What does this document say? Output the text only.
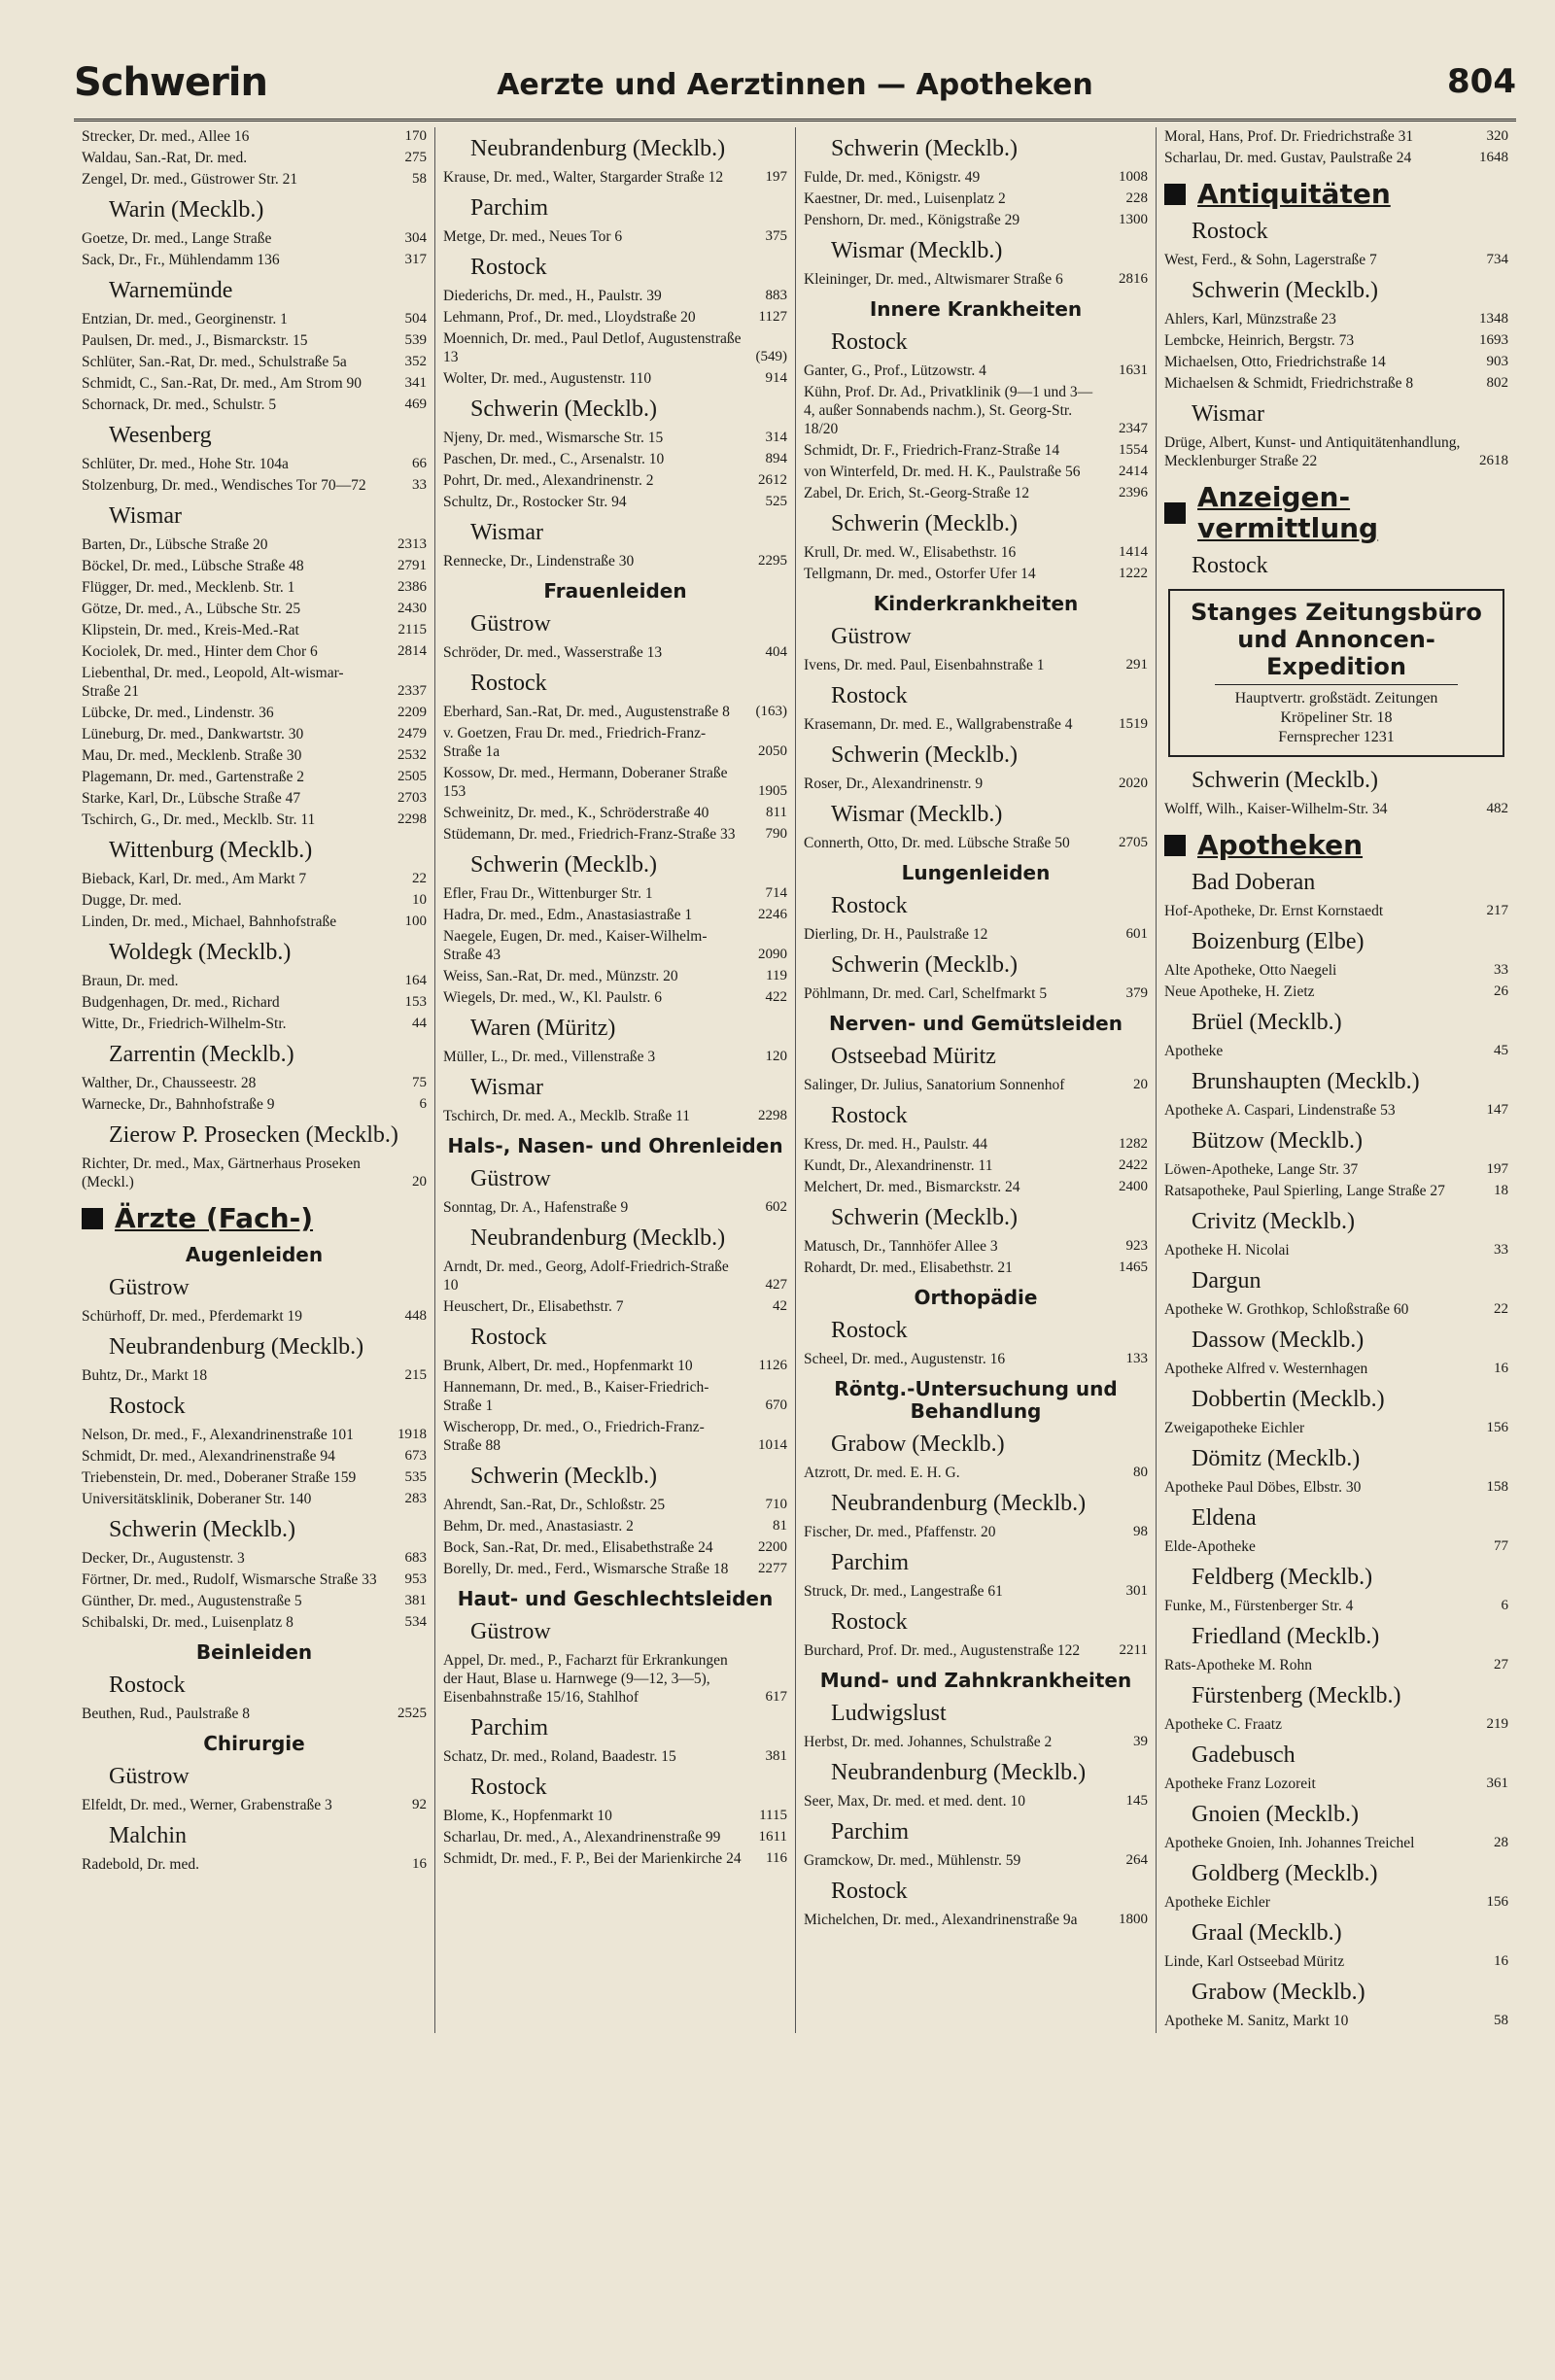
Schwerin	Aerzte und Aerztinnen — Apotheken	804
Strecker, Dr. med., Allee 16	170
Waldau, San.-Rat, Dr. med.	275
Zengel, Dr. med., Güstrower Str. 21	58
Warin (Mecklb.)
Goetze, Dr. med., Lange Straße	304
Sack, Dr., Fr., Mühlendamm 136	317
Warnemünde
Entzian, Dr. med., Georginenstr. 1	504
Paulsen, Dr. med., J., Bismarckstr. 15	539
Schlüter, San.-Rat, Dr. med., Schulstraße 5a	352
Schmidt, C., San.-Rat, Dr. med., Am Strom 90	341
Schornack, Dr. med., Schulstr. 5	469
Wesenberg
Schlüter, Dr. med., Hohe Str. 104a	66
Stolzenburg, Dr. med., Wendisches Tor 70—72	33
Wismar
Barten, Dr., Lübsche Straße 20	2313
Böckel, Dr. med., Lübsche Straße 48	2791
Flügger, Dr. med., Mecklenb. Str. 1	2386
Götze, Dr. med., A., Lübsche Str. 25	2430
Klipstein, Dr. med., Kreis-Med.-Rat	2115
Kociolek, Dr. med., Hinter dem Chor 6	2814
Liebenthal, Dr. med., Leopold, Alt-wismar-Straße 21	2337
Lübcke, Dr. med., Lindenstr. 36	2209
Lüneburg, Dr. med., Dankwartstr. 30	2479
Mau, Dr. med., Mecklenb. Straße 30	2532
Plagemann, Dr. med., Gartenstraße 2	2505
Starke, Karl, Dr., Lübsche Straße 47	2703
Tschirch, G., Dr. med., Mecklb. Str. 11	2298
Wittenburg (Mecklb.)
Bieback, Karl, Dr. med., Am Markt 7	22
Dugge, Dr. med.	10
Linden, Dr. med., Michael, Bahnhofstraße	100
Woldegk (Mecklb.)
Braun, Dr. med.	164
Budgenhagen, Dr. med., Richard	153
Witte, Dr., Friedrich-Wilhelm-Str.	44
Zarrentin (Mecklb.)
Walther, Dr., Chausseestr. 28	75
Warnecke, Dr., Bahnhofstraße 9	6
Zierow P. Prosecken (Mecklb.)
Richter, Dr. med., Max, Gärtnerhaus Proseken (Meckl.)	20
Ärzte (Fach-)
Augenleiden
Güstrow
Schürhoff, Dr. med., Pferdemarkt 19	448
Neubrandenburg (Mecklb.)
Buhtz, Dr., Markt 18	215
Rostock
Nelson, Dr. med., F., Alexandrinenstraße 101	1918
Schmidt, Dr. med., Alexandrinenstraße 94	673
Triebenstein, Dr. med., Doberaner Straße 159	535
Universitätsklinik, Doberaner Str. 140	283
Schwerin (Mecklb.)
Decker, Dr., Augustenstr. 3	683
Förtner, Dr. med., Rudolf, Wismarsche Straße 33 953
Günther, Dr. med., Augustenstraße 5	381
Schibalski, Dr. med., Luisenplatz 8	534
Beinleiden
Rostock
Beuthen, Rud., Paulstraße 8	2525
Chirurgie
Güstrow
Elfeldt, Dr. med., Werner, Grabenstraße 3	92
Malchin
Radebold, Dr. med.	16
Neubrandenburg (Mecklb.)
Krause, Dr. med., Walter, Stargarder Straße 12	197
Parchim
Metge, Dr. med., Neues Tor 6	375
Rostock
Diederichs, Dr. med., H., Paulstr. 39	883
Lehmann, Prof., Dr. med., Lloydstraße 20	1127
Moennich, Dr. med., Paul Detlof, Augustenstraße 13	(549)
Wolter, Dr. med., Augustenstr. 110	914
Schwerin (Mecklb.)
Njeny, Dr. med., Wismarsche Str. 15	314
Paschen, Dr. med., C., Arsenalstr. 10	894
Pohrt, Dr. med., Alexandrinenstr. 2	2612
Schultz, Dr., Rostocker Str. 94	525
Wismar
Rennecke, Dr., Lindenstraße 30	2295
Frauenleiden
Güstrow
Schröder, Dr. med., Wasserstraße 13	404
Rostock
Eberhard, San.-Rat, Dr. med., Augustenstraße 8 (163)
v. Goetzen, Frau Dr. med., Friedrich-Franz-Straße 1a	2050
Kossow, Dr. med., Hermann, Doberaner Straße 153	1905
Schweinitz, Dr. med., K., Schröderstraße 40	811
Stüdemann, Dr. med., Friedrich-Franz-Straße 33 790
Schwerin (Mecklb.)
Efler, Frau Dr., Wittenburger Str. 1	714
Hadra, Dr. med., Edm., Anastasiastraße 1	2246
Naegele, Eugen, Dr. med., Kaiser-Wilhelm-Straße 43	2090
Weiss, San.-Rat, Dr. med., Münzstr. 20	119
Wiegels, Dr. med., W., Kl. Paulstr. 6	422
Waren (Müritz)
Müller, L., Dr. med., Villenstraße 3	120
Wismar
Tschirch, Dr. med. A., Mecklb. Straße 11	2298
Hals-, Nasen- und Ohrenleiden
Güstrow
Sonntag, Dr. A., Hafenstraße 9	602
Neubrandenburg (Mecklb.)
Arndt, Dr. med., Georg, Adolf-Friedrich-Straße 10	427
Heuschert, Dr., Elisabethstr. 7	42
Rostock
Brunk, Albert, Dr. med., Hopfenmarkt 10	1126
Hannemann, Dr. med., B., Kaiser-Friedrich-Straße 1	670
Wischeropp, Dr. med., O., Friedrich-Franz-Straße 88	1014
Schwerin (Mecklb.)
Ahrendt, San.-Rat, Dr., Schloßstr. 25	710
Behm, Dr. med., Anastasiastr. 2	81
Bock, San.-Rat, Dr. med., Elisabethstraße 24	2200
Borelly, Dr. med., Ferd., Wismarsche Straße 18 2277
Haut- und Geschlechtsleiden
Güstrow
Appel, Dr. med., P., Facharzt für Erkrankungen der Haut, Blase u. Harnwege (9—12, 3—5), Eisenbahnstraße 15/16, Stahlhof	617
Parchim
Schatz, Dr. med., Roland, Baadestr. 15	381
Rostock
Blome, K., Hopfenmarkt 10	1115
Scharlau, Dr. med., A., Alexandrinenstraße 99	1611
Schmidt, Dr. med., F. P., Bei der Marienkirche 24 116
Schwerin (Mecklb.)
Fulde, Dr. med., Königstr. 49	1008
Kaestner, Dr. med., Luisenplatz 2	228
Penshorn, Dr. med., Königstraße 29	1300
Wismar (Mecklb.)
Kleininger, Dr. med., Altwismarer Straße 6	2816
Innere Krankheiten
Rostock
Ganter, G., Prof., Lützowstr. 4	1631
Kühn, Prof. Dr. Ad., Privatklinik (9—1 und 3—4, außer Sonnabends nachm.), St. Georg-Str. 18/20	2347
Schmidt, Dr. F., Friedrich-Franz-Straße 14	1554
von Winterfeld, Dr. med. H. K., Paulstraße 56	2414
Zabel, Dr. Erich, St.-Georg-Straße 12	2396
Schwerin (Mecklb.)
Krull, Dr. med. W., Elisabethstr. 16	1414
Tellgmann, Dr. med., Ostorfer Ufer 14	1222
Kinderkrankheiten
Güstrow
Ivens, Dr. med. Paul, Eisenbahnstraße 1	291
Rostock
Krasemann, Dr. med. E., Wallgrabenstraße 4	1519
Schwerin (Mecklb.)
Roser, Dr., Alexandrinenstr. 9	2020
Wismar (Mecklb.)
Connerth, Otto, Dr. med. Lübsche Straße 50	2705
Lungenleiden
Rostock
Dierling, Dr. H., Paulstraße 12	601
Schwerin (Mecklb.)
Pöhlmann, Dr. med. Carl, Schelfmarkt 5	379
Nerven- und Gemütsleiden
Ostseebad Müritz
Salinger, Dr. Julius, Sanatorium Sonnenhof	20
Rostock
Kress, Dr. med. H., Paulstr. 44	1282
Kundt, Dr., Alexandrinenstr. 11	2422
Melchert, Dr. med., Bismarckstr. 24	2400
Schwerin (Mecklb.)
Matusch, Dr., Tannhöfer Allee 3	923
Rohardt, Dr. med., Elisabethstr. 21	1465
Orthopädie
Rostock
Scheel, Dr. med., Augustenstr. 16	133
Röntg.-Untersuchung und Behandlung
Grabow (Mecklb.)
Atzrott, Dr. med. E. H. G.	80
Neubrandenburg (Mecklb.)
Fischer, Dr. med., Pfaffenstr. 20	98
Parchim
Struck, Dr. med., Langestraße 61	301
Rostock
Burchard, Prof. Dr. med., Augustenstraße 122	2211
Mund- und Zahnkrankheiten
Ludwigslust
Herbst, Dr. med. Johannes, Schulstraße 2	39
Neubrandenburg (Mecklb.)
Seer, Max, Dr. med. et med. dent. 10	145
Parchim
Gramckow, Dr. med., Mühlenstr. 59	264
Rostock
Michelchen, Dr. med., Alexandrinenstraße 9a	1800
Moral, Hans, Prof. Dr. Friedrichstraße 31	320
Scharlau, Dr. med. Gustav, Paulstraße 24	1648
Antiquitäten
Rostock
West, Ferd., & Sohn, Lagerstraße 7	734
Schwerin (Mecklb.)
Ahlers, Karl, Münzstraße 23	1348
Lembcke, Heinrich, Bergstr. 73	1693
Michaelsen, Otto, Friedrichstraße 14	903
Michaelsen & Schmidt, Friedrichstraße 8	802
Wismar
Drüge, Albert, Kunst- und Antiquitätenhandlung, Mecklenburger Straße 22	2618
Anzeigen-vermittlung
Rostock
Stanges Zeitungsbüro
und Annoncen-
Expedition
Hauptvertr. großstädt. Zeitungen
Kröpeliner Str. 18
Fernsprecher 1231
Schwerin (Mecklb.)
Wolff, Wilh., Kaiser-Wilhelm-Str. 34	482
Apotheken
Bad Doberan
Hof-Apotheke, Dr. Ernst Kornstaedt	217
Boizenburg (Elbe)
Alte Apotheke, Otto Naegeli	33
Neue Apotheke, H. Zietz	26
Brüel (Mecklb.)
Apotheke	45
Brunshaupten (Mecklb.)
Apotheke A. Caspari, Lindenstraße 53	147
Bützow (Mecklb.)
Löwen-Apotheke, Lange Str. 37	197
Ratsapotheke, Paul Spierling, Lange Straße 27	18
Crivitz (Mecklb.)
Apotheke H. Nicolai	33
Dargun
Apotheke W. Grothkop, Schloßstraße 60	22
Dassow (Mecklb.)
Apotheke Alfred v. Westernhagen	16
Dobbertin (Mecklb.)
Zweigapotheke Eichler	156
Dömitz (Mecklb.)
Apotheke Paul Döbes, Elbstr. 30	158
Eldena
Elde-Apotheke	77
Feldberg (Mecklb.)
Funke, M., Fürstenberger Str. 4	6
Friedland (Mecklb.)
Rats-Apotheke M. Rohn	27
Fürstenberg (Mecklb.)
Apotheke C. Fraatz	219
Gadebusch
Apotheke Franz Lozoreit	361
Gnoien (Mecklb.)
Apotheke Gnoien, Inh. Johannes Treichel	28
Goldberg (Mecklb.)
Apotheke Eichler	156
Graal (Mecklb.)
Linde, Karl Ostseebad Müritz	16
Grabow (Mecklb.)
Apotheke M. Sanitz, Markt 10	58
